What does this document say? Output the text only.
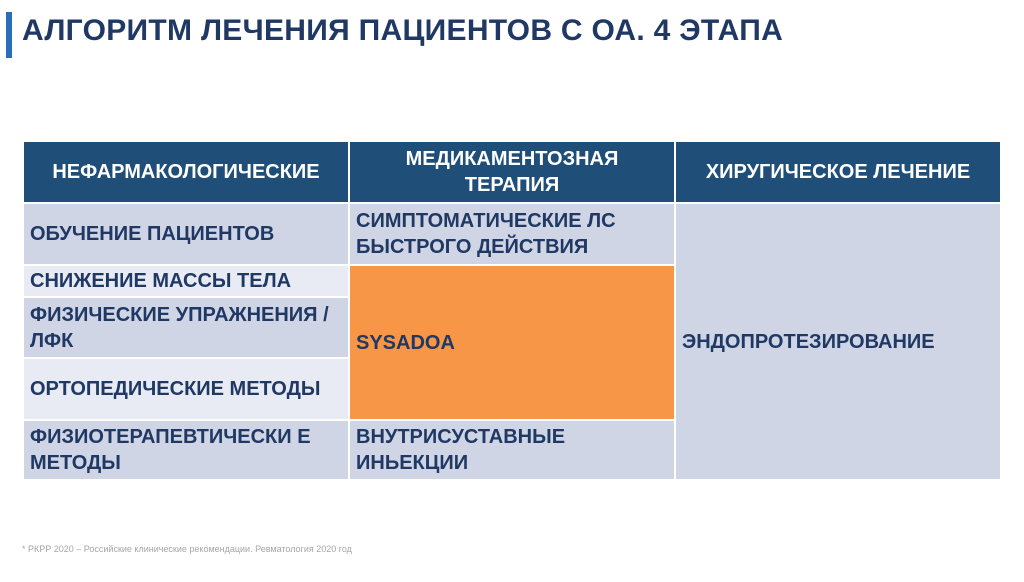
АЛГОРИТМ ЛЕЧЕНИЯ ПАЦИЕНТОВ С ОА. 4 ЭТАПА
НЕФАРМАКОЛОГИЧЕСКИЕ	МЕДИКАМЕНТОЗНАЯ ТЕРАПИЯ	ХИРУГИЧЕСКОЕ ЛЕЧЕНИЕ
ОБУЧЕНИЕ ПАЦИЕНТОВ	СИМПТОМАТИЧЕСКИЕ ЛС БЫСТРОГО ДЕЙСТВИЯ	ЭНДОПРОТЕЗИРОВАНИЕ
СНИЖЕНИЕ МАССЫ ТЕЛА	SYSADOA	
ФИЗИЧЕСКИЕ УПРАЖНЕНИЯ / ЛФК		
ОРТОПЕДИЧЕСКИЕ МЕТОДЫ		
ФИЗИОТЕРАПЕВТИЧЕСКИ Е МЕТОДЫ	ВНУТРИСУСТАВНЫЕ ИНЬЕКЦИИ	
* РКРР 2020 – Российские клинические рекомендации. Ревматология 2020 год
